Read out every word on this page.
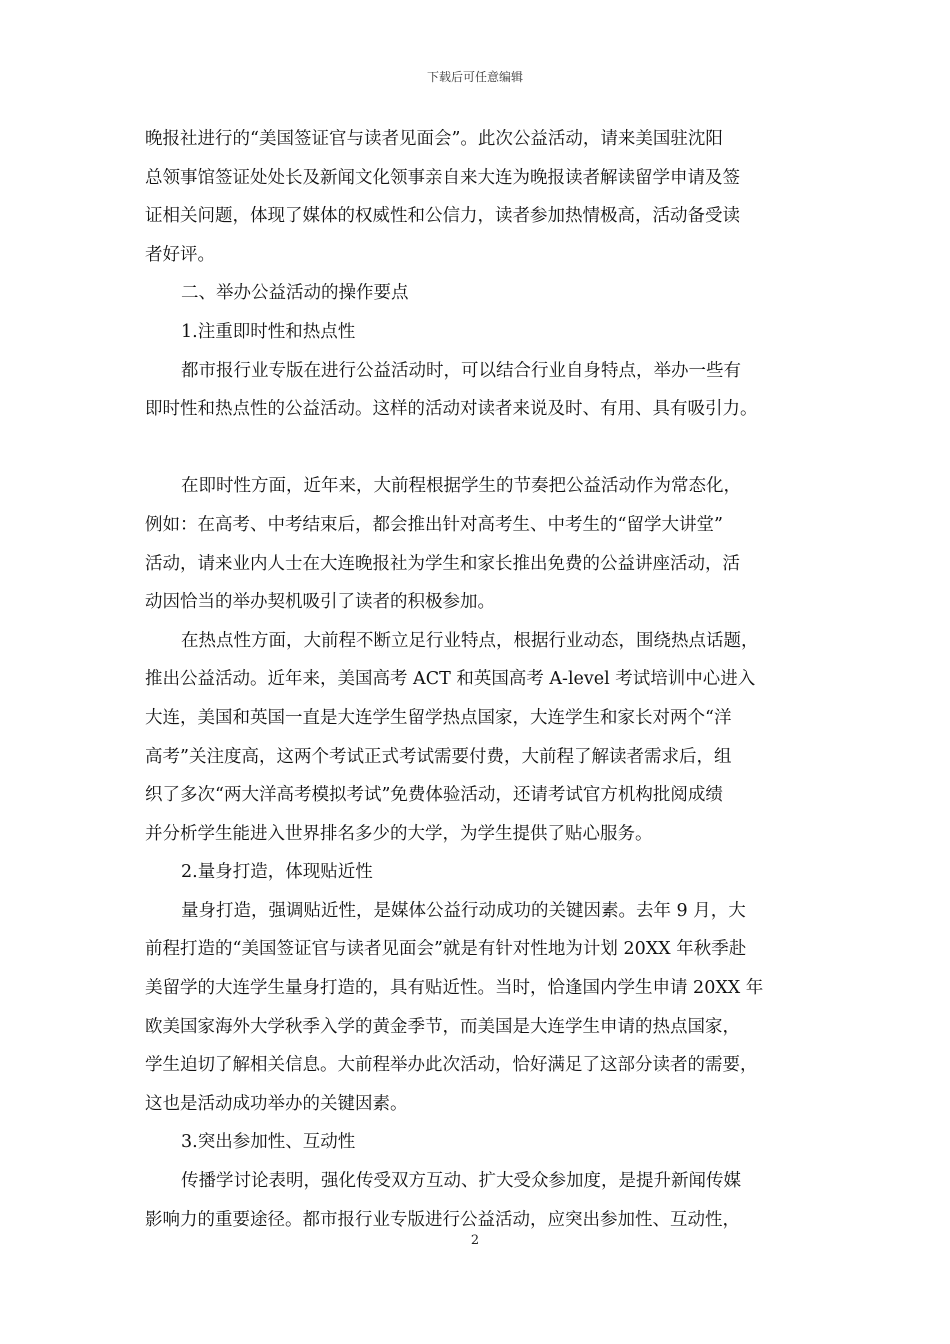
下载后可任意编辑
晚报社进行的“美国签证官与读者见面会”。此次公益活动，请来美国驻沈阳
总领事馆签证处处长及新闻文化领事亲自来大连为晚报读者解读留学申请及签
证相关问题，体现了媒体的权威性和公信力，读者参加热情极高，活动备受读
者好评。
二、举办公益活动的操作要点
1.注重即时性和热点性
都市报行业专版在进行公益活动时，可以结合行业自身特点，举办一些有
即时性和热点性的公益活动。这样的活动对读者来说及时、有用、具有吸引力。
在即时性方面，近年来，大前程根据学生的节奏把公益活动作为常态化，
例如：在高考、中考结束后，都会推出针对高考生、中考生的“留学大讲堂”
活动，请来业内人士在大连晚报社为学生和家长推出免费的公益讲座活动，活
动因恰当的举办契机吸引了读者的积极参加。
在热点性方面，大前程不断立足行业特点，根据行业动态，围绕热点话题，
推出公益活动。近年来，美国高考 ACT 和英国高考 A-level 考试培训中心进入
大连，美国和英国一直是大连学生留学热点国家，大连学生和家长对两个“洋
高考”关注度高，这两个考试正式考试需要付费，大前程了解读者需求后，组
织了多次“两大洋高考模拟考试”免费体验活动，还请考试官方机构批阅成绩
并分析学生能进入世界排名多少的大学，为学生提供了贴心服务。
2.量身打造，体现贴近性
量身打造，强调贴近性，是媒体公益行动成功的关键因素。去年 9 月，大
前程打造的“美国签证官与读者见面会”就是有针对性地为计划 20XX 年秋季赴
美留学的大连学生量身打造的，具有贴近性。当时，恰逢国内学生申请 20XX 年
欧美国家海外大学秋季入学的黄金季节，而美国是大连学生申请的热点国家，
学生迫切了解相关信息。大前程举办此次活动，恰好满足了这部分读者的需要，
这也是活动成功举办的关键因素。
3.突出参加性、互动性
传播学讨论表明，强化传受双方互动、扩大受众参加度，是提升新闻传媒
影响力的重要途径。都市报行业专版进行公益活动，应突出参加性、互动性，
2
